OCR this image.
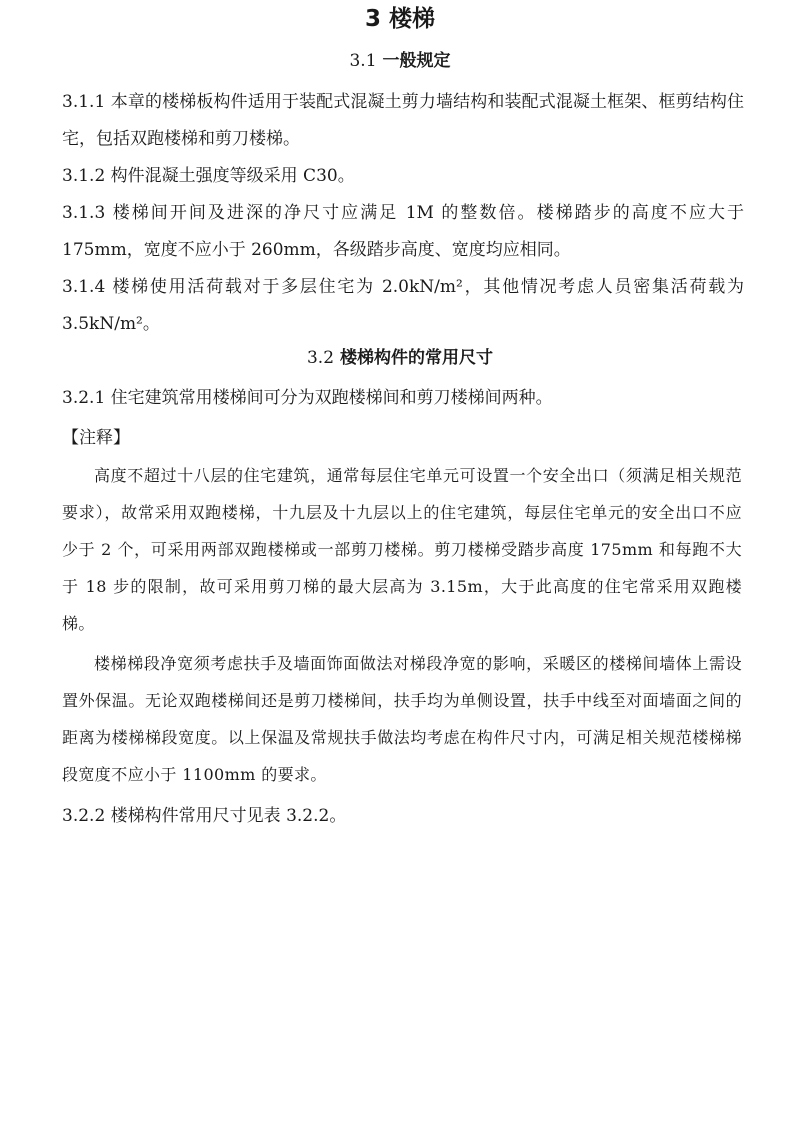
3 楼梯
3.1 一般规定

3.1.1 本章的楼梯板构件适用于装配式混凝土剪力墙结构和装配式混凝土框架、框剪结构住宅，包括双跑楼梯和剪刀楼梯。

3.1.2 构件混凝土强度等级采用 C30。

3.1.3 楼梯间开间及进深的净尺寸应满足 1M 的整数倍。楼梯踏步的高度不应大于 175mm，宽度不应小于 260mm，各级踏步高度、宽度均应相同。

3.1.4 楼梯使用活荷载对于多层住宅为 2.0kN/m²，其他情况考虑人员密集活荷载为 3.5kN/m²。

3.2 楼梯构件的常用尺寸

3.2.1 住宅建筑常用楼梯间可分为双跑楼梯间和剪刀楼梯间两种。

【注释】

高度不超过十八层的住宅建筑，通常每层住宅单元可设置一个安全出口（须满足相关规范要求），故常采用双跑楼梯，十九层及十九层以上的住宅建筑，每层住宅单元的安全出口不应少于 2 个，可采用两部双跑楼梯或一部剪刀楼梯。剪刀楼梯受踏步高度 175mm 和每跑不大于 18 步的限制，故可采用剪刀梯的最大层高为 3.15m，大于此高度的住宅常采用双跑楼梯。

楼梯梯段净宽须考虑扶手及墙面饰面做法对梯段净宽的影响，采暖区的楼梯间墙体上需设置外保温。无论双跑楼梯间还是剪刀楼梯间，扶手均为单侧设置，扶手中线至对面墙面之间的距离为楼梯梯段宽度。以上保温及常规扶手做法均考虑在构件尺寸内，可满足相关规范楼梯梯段宽度不应小于 1100mm 的要求。

3.2.2 楼梯构件常用尺寸见表 3.2.2。
